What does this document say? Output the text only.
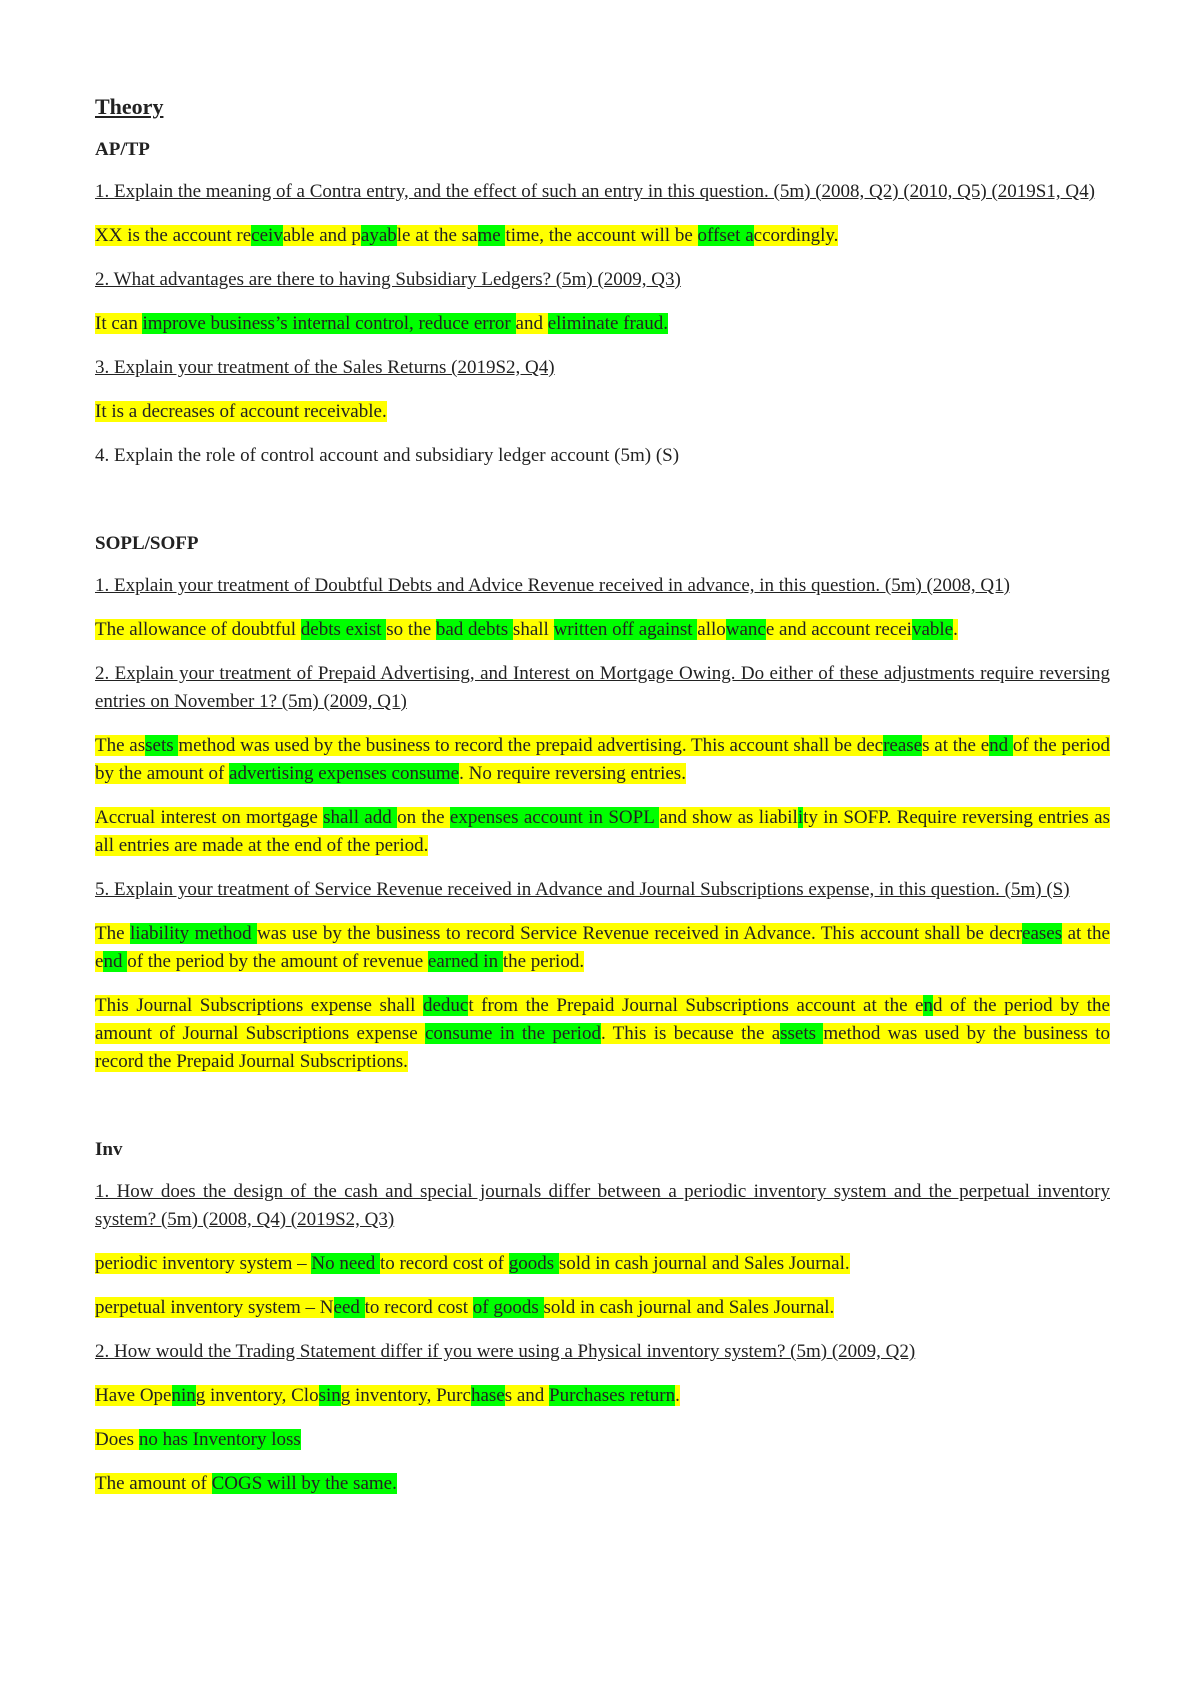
Theory
AP/TP
1. Explain the meaning of a Contra entry, and the effect of such an entry in this question. (5m) (2008, Q2) (2010, Q5) (2019S1, Q4)
XX is the account receivable and payable at the same time, the account will be offset accordingly.
2. What advantages are there to having Subsidiary Ledgers? (5m) (2009, Q3)
It can improve business’s internal control, reduce error and eliminate fraud.
3. Explain your treatment of the Sales Returns (2019S2, Q4)
It is a decreases of account receivable.
4. Explain the role of control account and subsidiary ledger account (5m) (S)
SOPL/SOFP
1. Explain your treatment of Doubtful Debts and Advice Revenue received in advance, in this question. (5m) (2008, Q1)
The allowance of doubtful debts exist so the bad debts shall written off against allowance and account receivable.
2. Explain your treatment of Prepaid Advertising, and Interest on Mortgage Owing. Do either of these adjustments require reversing entries on November 1? (5m) (2009, Q1)
The assets method was used by the business to record the prepaid advertising. This account shall be decreases at the end of the period by the amount of advertising expenses consume. No require reversing entries.
Accrual interest on mortgage shall add on the expenses account in SOPL and show as liability in SOFP. Require reversing entries as all entries are made at the end of the period.
5. Explain your treatment of Service Revenue received in Advance and Journal Subscriptions expense, in this question. (5m) (S)
The liability method was use by the business to record Service Revenue received in Advance. This account shall be decreases at the end of the period by the amount of revenue earned in the period.
This Journal Subscriptions expense shall deduct from the Prepaid Journal Subscriptions account at the end of the period by the amount of Journal Subscriptions expense consume in the period. This is because the assets method was used by the business to record the Prepaid Journal Subscriptions.
Inv
1. How does the design of the cash and special journals differ between a periodic inventory system and the perpetual inventory system? (5m) (2008, Q4) (2019S2, Q3)
periodic inventory system – No need to record cost of goods sold in cash journal and Sales Journal.
perpetual inventory system – Need to record cost of goods sold in cash journal and Sales Journal.
2. How would the Trading Statement differ if you were using a Physical inventory system? (5m) (2009, Q2)
Have Opening inventory, Closing inventory, Purchases and Purchases return.
Does no has Inventory loss
The amount of COGS will by the same.
